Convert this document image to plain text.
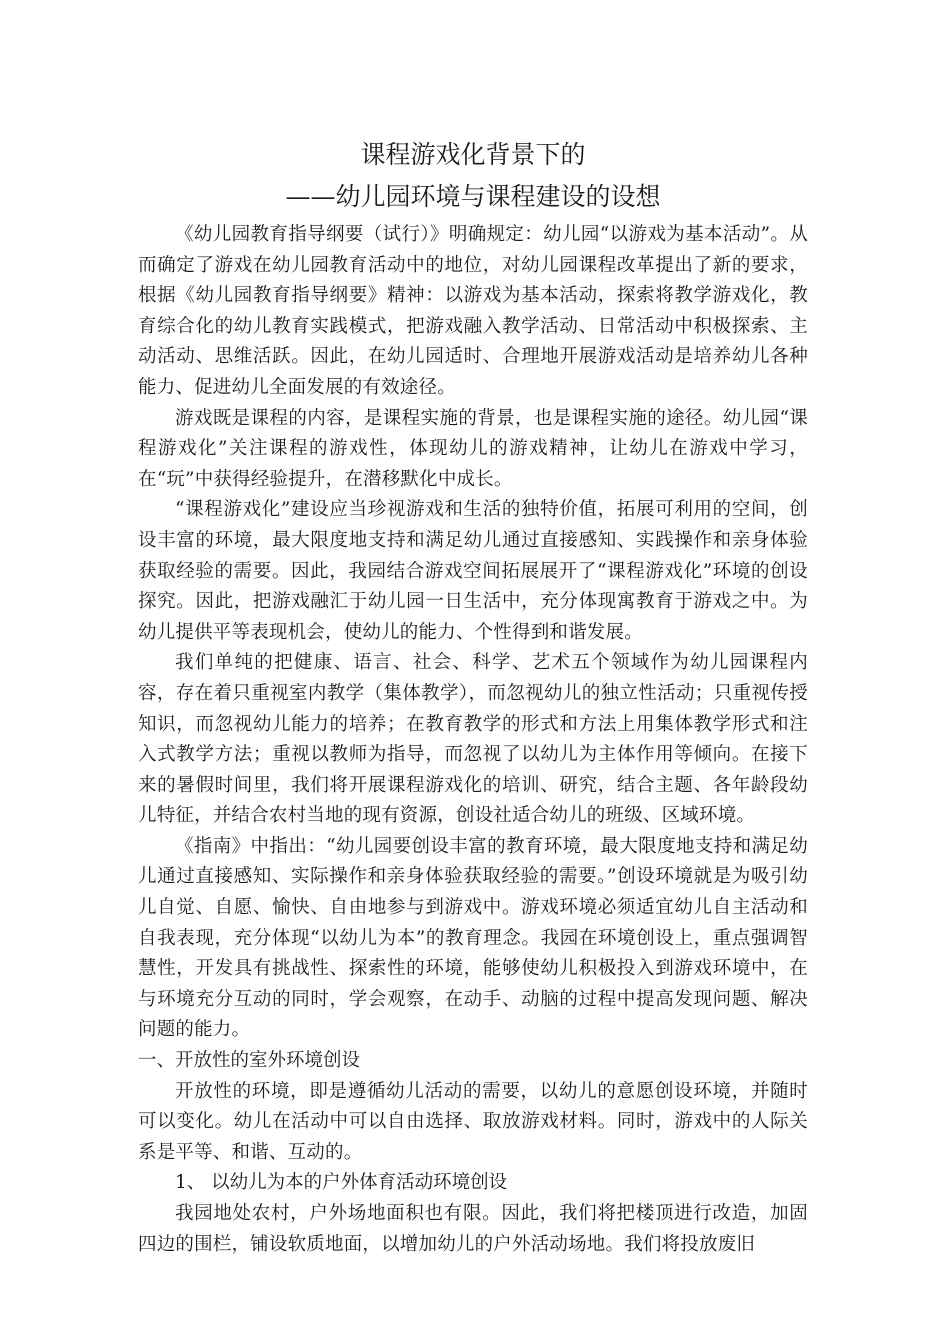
课程游戏化背景下的
——幼儿园环境与课程建设的设想

《幼儿园教育指导纲要（试行）》明确规定：幼儿园“以游戏为基本活动”。从而确定了游戏在幼儿园教育活动中的地位，对幼儿园课程改革提出了新的要求，根据《幼儿园教育指导纲要》精神：以游戏为基本活动，探索将教学游戏化，教育综合化的幼儿教育实践模式，把游戏融入教学活动、日常活动中积极探索、主动活动、思维活跃。因此，在幼儿园适时、合理地开展游戏活动是培养幼儿各种能力、促进幼儿全面发展的有效途径。

游戏既是课程的内容，是课程实施的背景，也是课程实施的途径。幼儿园“课程游戏化”关注课程的游戏性，体现幼儿的游戏精神，让幼儿在游戏中学习，在“玩”中获得经验提升，在潜移默化中成长。

“课程游戏化”建设应当珍视游戏和生活的独特价值，拓展可利用的空间，创设丰富的环境，最大限度地支持和满足幼儿通过直接感知、实践操作和亲身体验获取经验的需要。因此，我园结合游戏空间拓展展开了“课程游戏化”环境的创设探究。因此，把游戏融汇于幼儿园一日生活中，充分体现寓教育于游戏之中。为幼儿提供平等表现机会，使幼儿的能力、个性得到和谐发展。

我们单纯的把健康、语言、社会、科学、艺术五个领域作为幼儿园课程内容，存在着只重视室内教学（集体教学），而忽视幼儿的独立性活动；只重视传授知识，而忽视幼儿能力的培养；在教育教学的形式和方法上用集体教学形式和注入式教学方法；重视以教师为指导，而忽视了以幼儿为主体作用等倾向。在接下来的暑假时间里，我们将开展课程游戏化的培训、研究，结合主题、各年龄段幼儿特征，并结合农村当地的现有资源，创设社适合幼儿的班级、区域环境。

《指南》中指出：“幼儿园要创设丰富的教育环境，最大限度地支持和满足幼儿通过直接感知、实际操作和亲身体验获取经验的需要。”创设环境就是为吸引幼儿自觉、自愿、愉快、自由地参与到游戏中。游戏环境必须适宜幼儿自主活动和自我表现，充分体现“以幼儿为本”的教育理念。我园在环境创设上，重点强调智慧性，开发具有挑战性、探索性的环境，能够使幼儿积极投入到游戏环境中，在与环境充分互动的同时，学会观察，在动手、动脑的过程中提高发现问题、解决问题的能力。

一、开放性的室外环境创设

开放性的环境，即是遵循幼儿活动的需要，以幼儿的意愿创设环境，并随时可以变化。幼儿在活动中可以自由选择、取放游戏材料。同时，游戏中的人际关系是平等、和谐、互动的。

1、 以幼儿为本的户外体育活动环境创设

我园地处农村，户外场地面积也有限。因此，我们将把楼顶进行改造，加固四边的围栏，铺设软质地面，以增加幼儿的户外活动场地。我们将投放废旧
